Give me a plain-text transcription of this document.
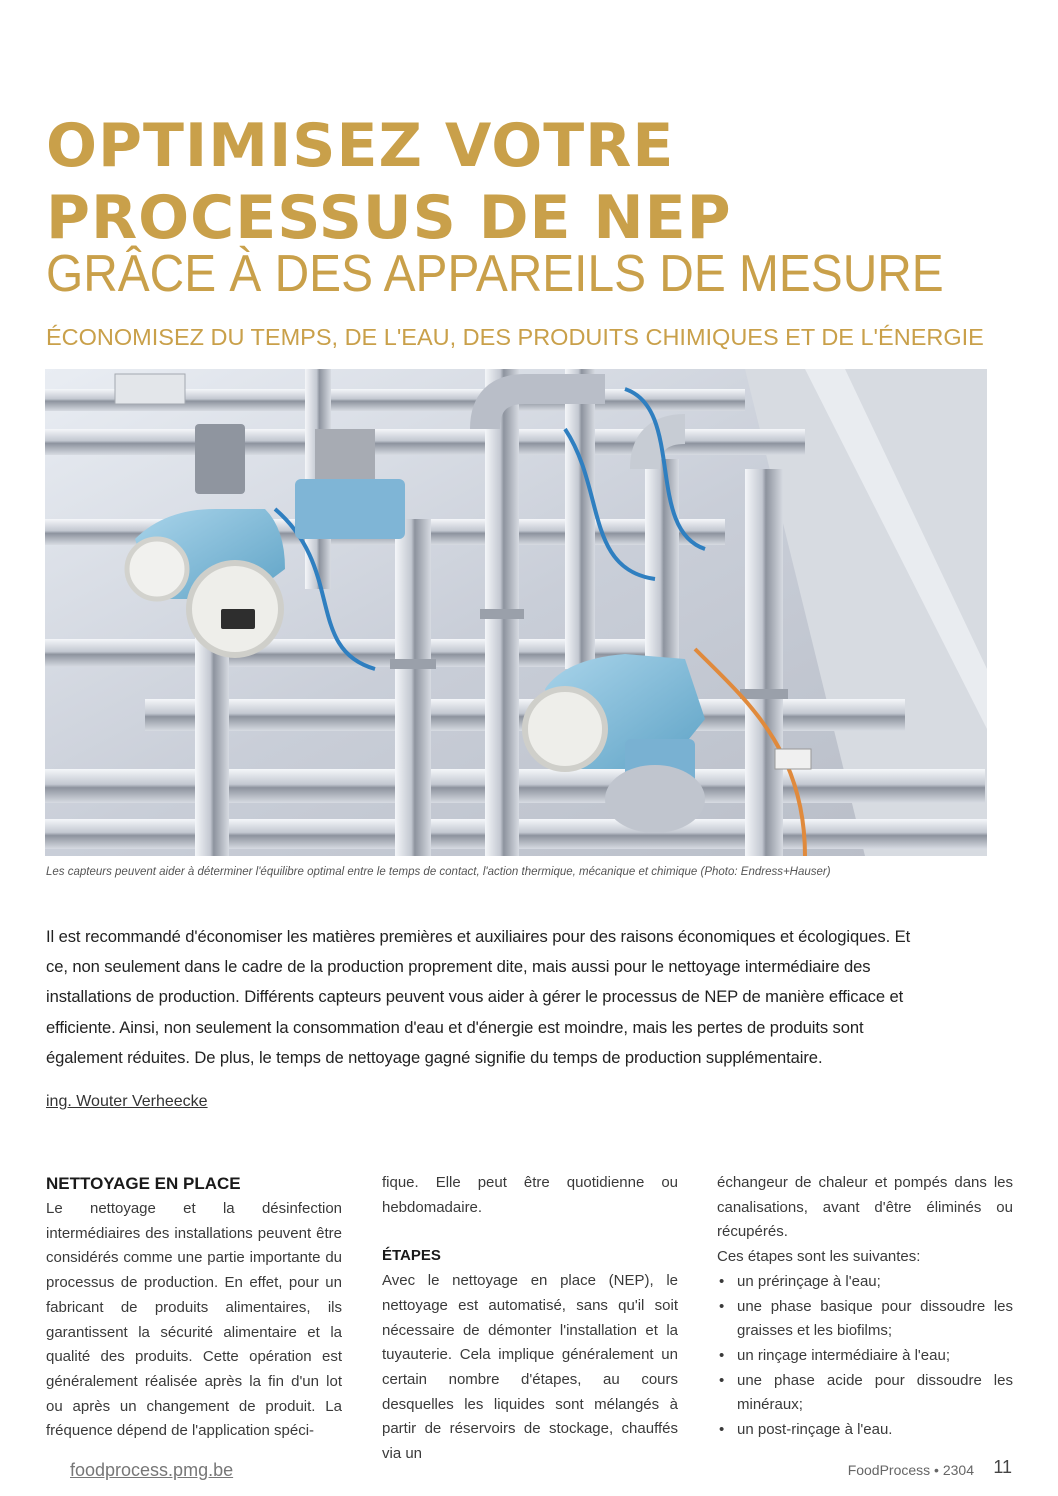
OPTIMISEZ VOTRE
PROCESSUS DE NEP
GRÂCE À DES APPAREILS DE MESURE

ÉCONOMISEZ DU TEMPS, DE L'EAU, DES PRODUITS CHIMIQUES ET DE L'ÉNERGIE

Les capteurs peuvent aider à déterminer l'équilibre optimal entre le temps de contact, l'action thermique, mécanique et chimique (Photo: Endress+Hauser)

Il est recommandé d'économiser les matières premières et auxiliaires pour des raisons économiques et écologiques. Et ce, non seulement dans le cadre de la production proprement dite, mais aussi pour le nettoyage intermédiaire des installations de production. Différents capteurs peuvent vous aider à gérer le processus de NEP de manière efficace et efficiente. Ainsi, non seulement la consommation d'eau et d'énergie est moindre, mais les pertes de produits sont également réduites. De plus, le temps de nettoyage gagné signifie du temps de production supplémentaire.

ing. Wouter Verheecke

NETTOYAGE EN PLACE

Le nettoyage et la désinfection intermédiaires des installations peuvent être considérés comme une partie importante du processus de production. En effet, pour un fabricant de produits alimentaires, ils garantissent la sécurité alimentaire et la qualité des produits. Cette opération est généralement réalisée après la fin d'un lot ou après un changement de produit. La fréquence dépend de l'application spéci-

fique. Elle peut être quotidienne ou hebdomadaire.

ÉTAPES

Avec le nettoyage en place (NEP), le nettoyage est automatisé, sans qu'il soit nécessaire de démonter l'installation et la tuyauterie. Cela implique généralement un certain nombre d'étapes, au cours desquelles les liquides sont mélangés à partir de réservoirs de stockage, chauffés via un

échangeur de chaleur et pompés dans les canalisations, avant d'être éliminés ou récupérés.

Ces étapes sont les suivantes:

• un prérinçage à l'eau;
• une phase basique pour dissoudre les graisses et les biofilms;
• un rinçage intermédiaire à l'eau;
• une phase acide pour dissoudre les minéraux;
• un post-rinçage à l'eau.

foodprocess.pmg.be	FoodProcess • 2304 11
